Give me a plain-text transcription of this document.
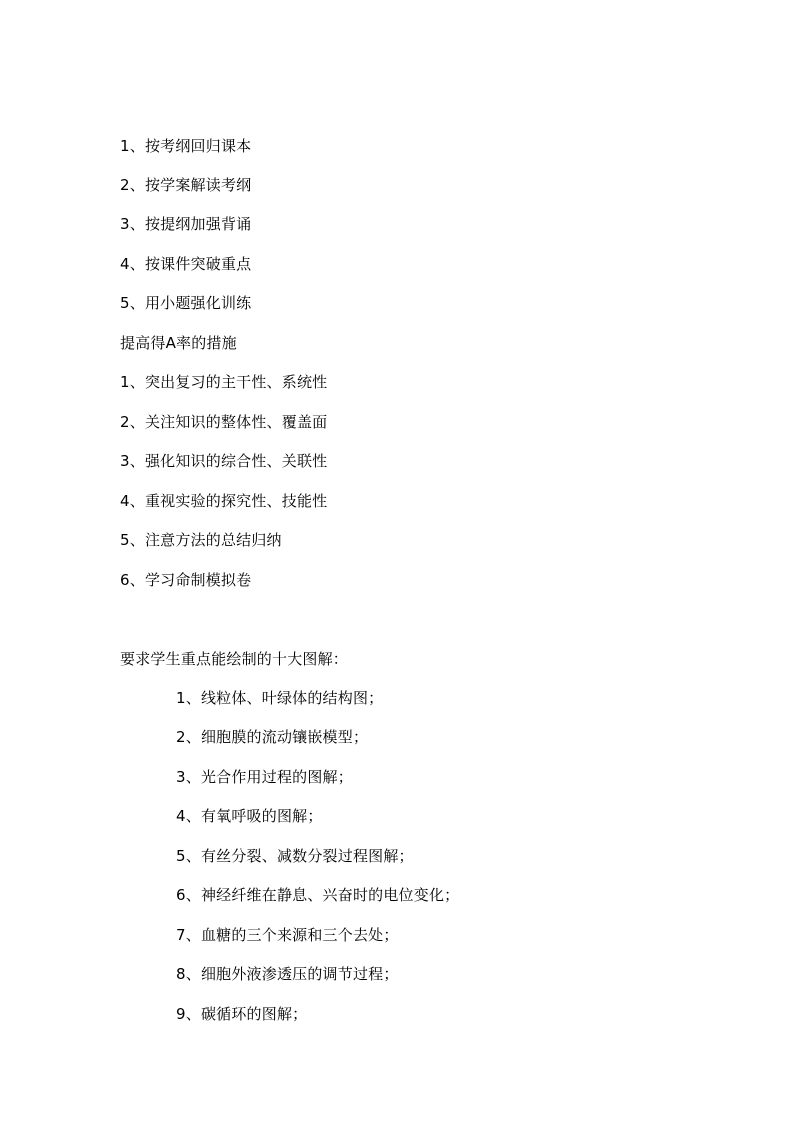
1、按考纲回归课本
2、按学案解读考纲
3、按提纲加强背诵
4、按课件突破重点
5、用小题强化训练
提高得A率的措施
1、突出复习的主干性、系统性
2、关注知识的整体性、覆盖面
3、强化知识的综合性、关联性
4、重视实验的探究性、技能性
5、注意方法的总结归纳
6、学习命制模拟卷
要求学生重点能绘制的十大图解：
1、线粒体、叶绿体的结构图；
2、细胞膜的流动镶嵌模型；
3、光合作用过程的图解；
4、有氧呼吸的图解；
5、有丝分裂、减数分裂过程图解；
6、神经纤维在静息、兴奋时的电位变化；
7、血糖的三个来源和三个去处；
8、细胞外液渗透压的调节过程；
9、碳循环的图解；
